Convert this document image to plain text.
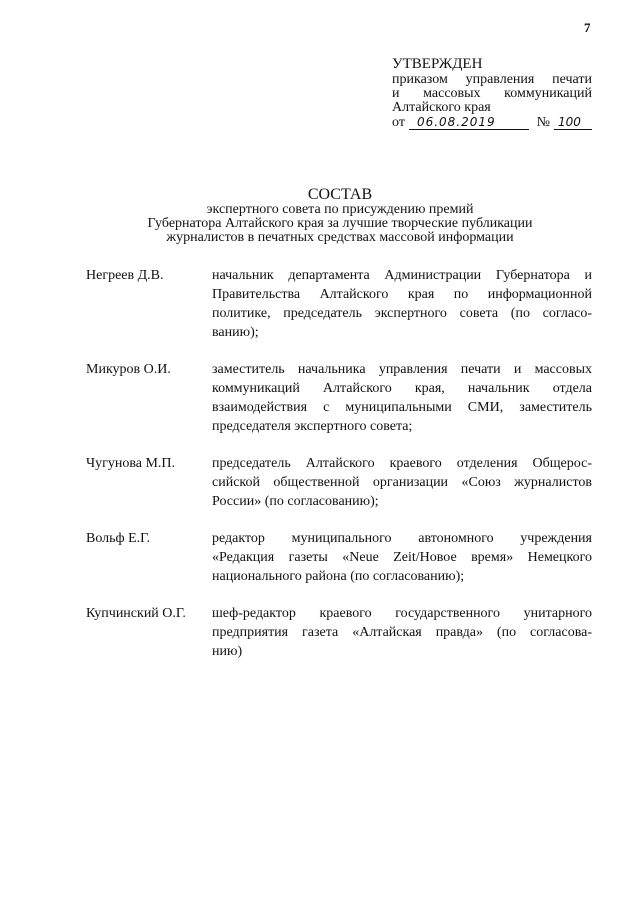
7
УТВЕРЖДЕН
приказом управления печати
и массовых коммуникаций
Алтайского края
от	06.08.2019	№ 100
СОСТАВ
экспертного совета по присуждению премий
Губернатора Алтайского края за лучшие творческие публикации
журналистов в печатных средствах массовой информации
Негреев Д.В.	начальник департамента Администрации Губернатора и
Правительства Алтайского края по информационной
политике, председатель экспертного совета (по согласо-
ванию);
Микуров О.И.	заместитель начальника управления печати и массовых
коммуникаций Алтайского края, начальник отдела
взаимодействия с муниципальными СМИ, заместитель
председателя экспертного совета;
Чугунова М.П.	председатель Алтайского краевого отделения Общерос-
сийской общественной организации «Союз журналистов
России» (по согласованию);
Вольф Е.Г.	редактор муниципального автономного учреждения
«Редакция газеты «Neue Zeit/Новое время» Немецкого
национального района (по согласованию);
Купчинский О.Г.	шеф-редактор краевого государственного унитарного
предприятия газета «Алтайская правда» (по согласова-
нию)
